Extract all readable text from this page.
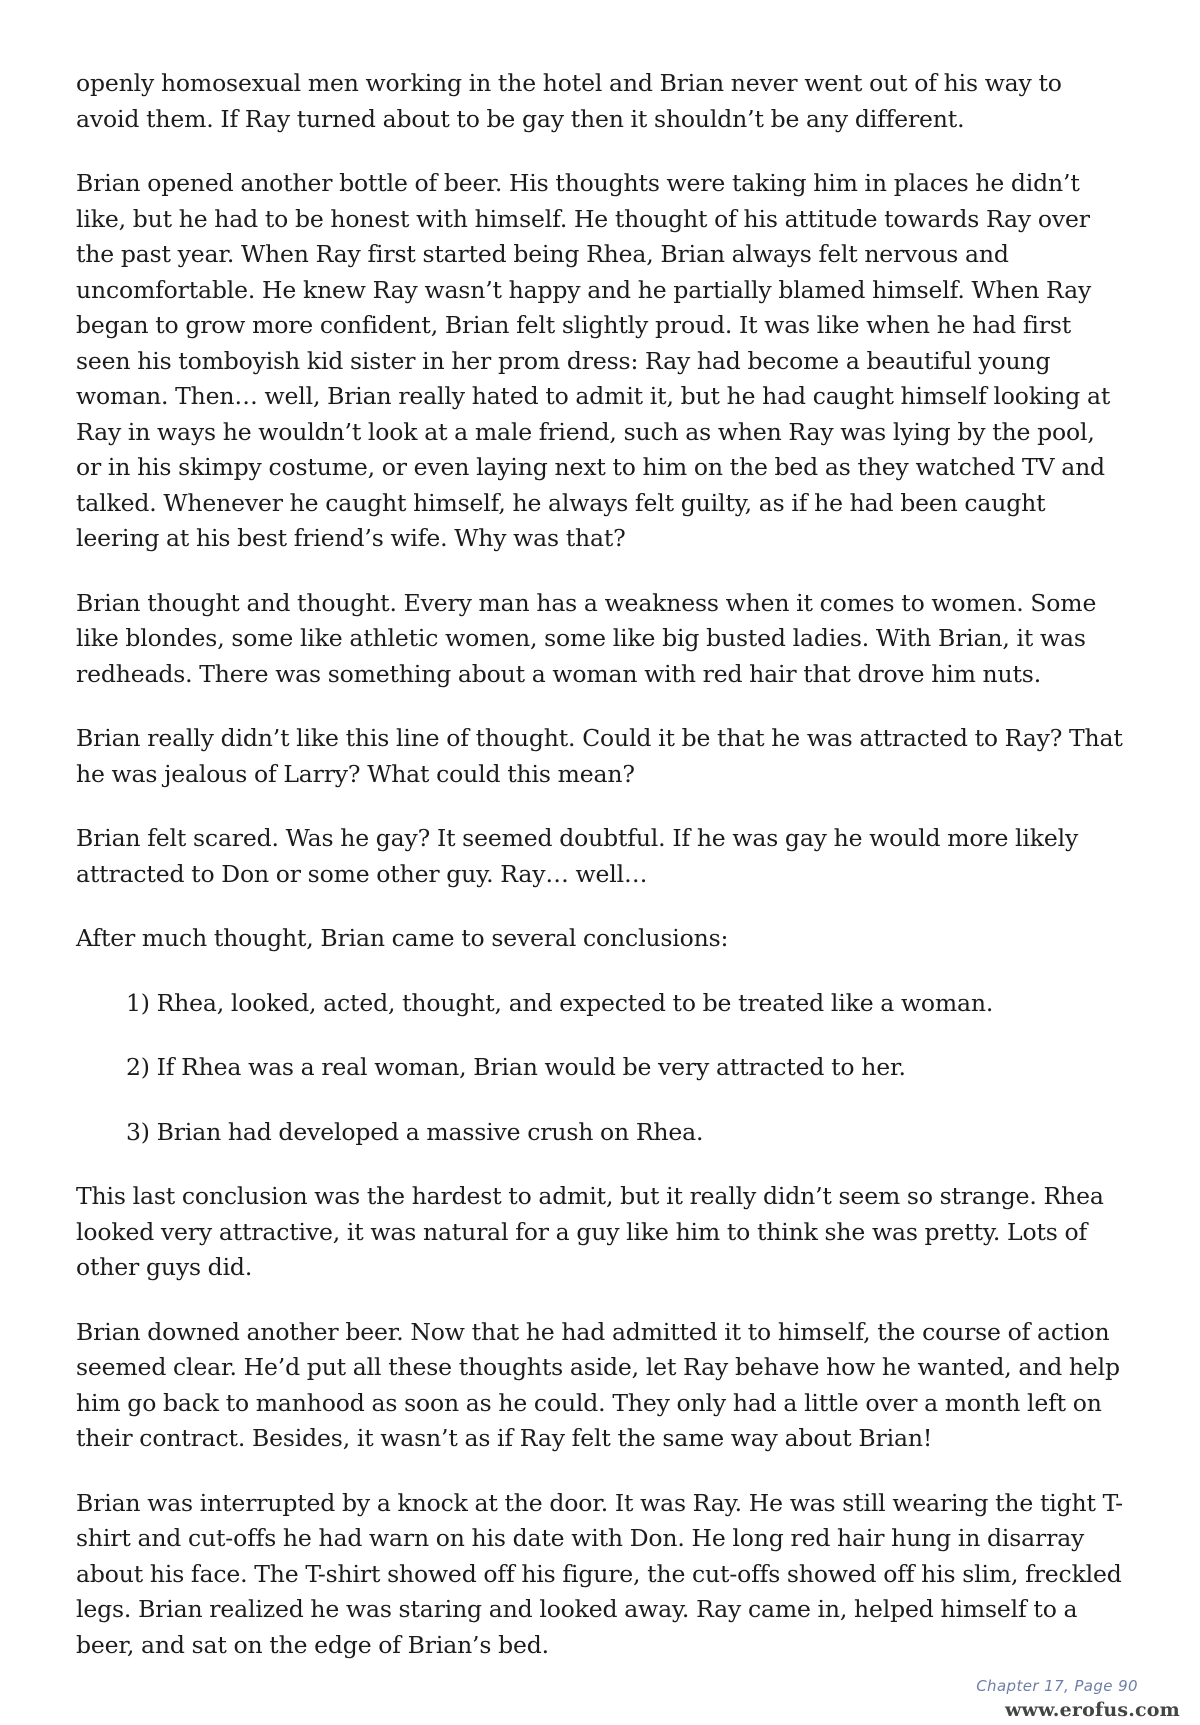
openly homosexual men working in the hotel and Brian never went out of his way to avoid them. If Ray turned about to be gay then it shouldn’t be any different.

Brian opened another bottle of beer. His thoughts were taking him in places he didn’t like, but he had to be honest with himself. He thought of his attitude towards Ray over the past year. When Ray first started being Rhea, Brian always felt nervous and uncomfortable. He knew Ray wasn’t happy and he partially blamed himself. When Ray began to grow more confident, Brian felt slightly proud. It was like when he had first seen his tomboyish kid sister in her prom dress: Ray had become a beautiful young woman. Then… well, Brian really hated to admit it, but he had caught himself looking at Ray in ways he wouldn’t look at a male friend, such as when Ray was lying by the pool, or in his skimpy costume, or even laying next to him on the bed as they watched TV and talked. Whenever he caught himself, he always felt guilty, as if he had been caught leering at his best friend’s wife. Why was that?

Brian thought and thought. Every man has a weakness when it comes to women. Some like blondes, some like athletic women, some like big busted ladies. With Brian, it was redheads. There was something about a woman with red hair that drove him nuts.

Brian really didn’t like this line of thought. Could it be that he was attracted to Ray? That he was jealous of Larry? What could this mean?

Brian felt scared. Was he gay? It seemed doubtful. If he was gay he would more likely attracted to Don or some other guy. Ray… well…

After much thought, Brian came to several conclusions:

1) Rhea, looked, acted, thought, and expected to be treated like a woman.

2) If Rhea was a real woman, Brian would be very attracted to her.

3) Brian had developed a massive crush on Rhea.

This last conclusion was the hardest to admit, but it really didn’t seem so strange. Rhea looked very attractive, it was natural for a guy like him to think she was pretty. Lots of other guys did.

Brian downed another beer. Now that he had admitted it to himself, the course of action seemed clear. He’d put all these thoughts aside, let Ray behave how he wanted, and help him go back to manhood as soon as he could. They only had a little over a month left on their contract. Besides, it wasn’t as if Ray felt the same way about Brian!

Brian was interrupted by a knock at the door. It was Ray. He was still wearing the tight T-shirt and cut-offs he had warn on his date with Don. He long red hair hung in disarray about his face. The T-shirt showed off his figure, the cut-offs showed off his slim, freckled legs. Brian realized he was staring and looked away. Ray came in, helped himself to a beer, and sat on the edge of Brian’s bed.

Chapter 17, Page 90
www.erofus.com
